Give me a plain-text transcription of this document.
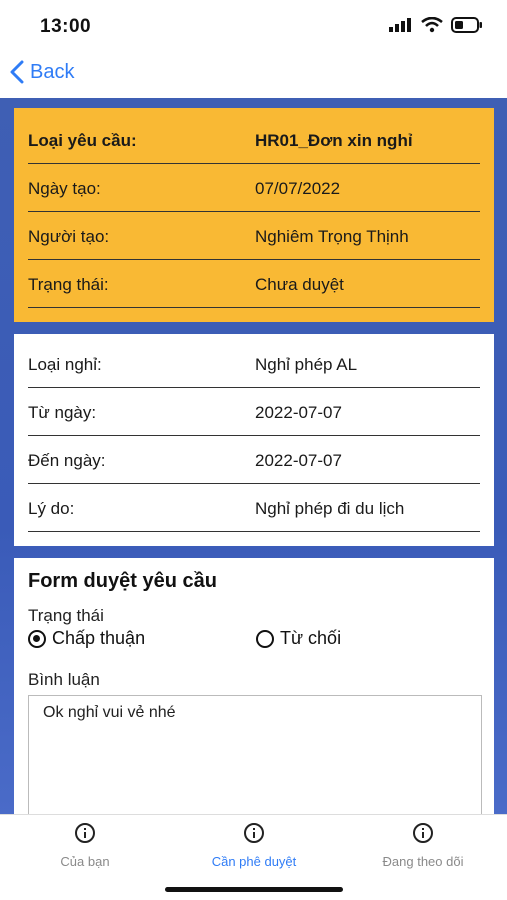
13:00
Back
Loại yêu cầu:	HR01_Đơn xin nghỉ
Ngày tạo:	07/07/2022
Người tạo:	Nghiêm Trọng Thịnh
Trạng thái:	Chưa duyệt
Loại nghỉ:	Nghỉ phép AL
Từ ngày:	2022-07-07
Đến ngày:	2022-07-07
Lý do:	Nghỉ phép đi du lịch
Form duyệt yêu cầu
Trạng thái
Chấp thuận	Từ chối
Bình luận
Ok nghỉ vui vẻ nhé
Của bạn	Cần phê duyệt	Đang theo dõi
